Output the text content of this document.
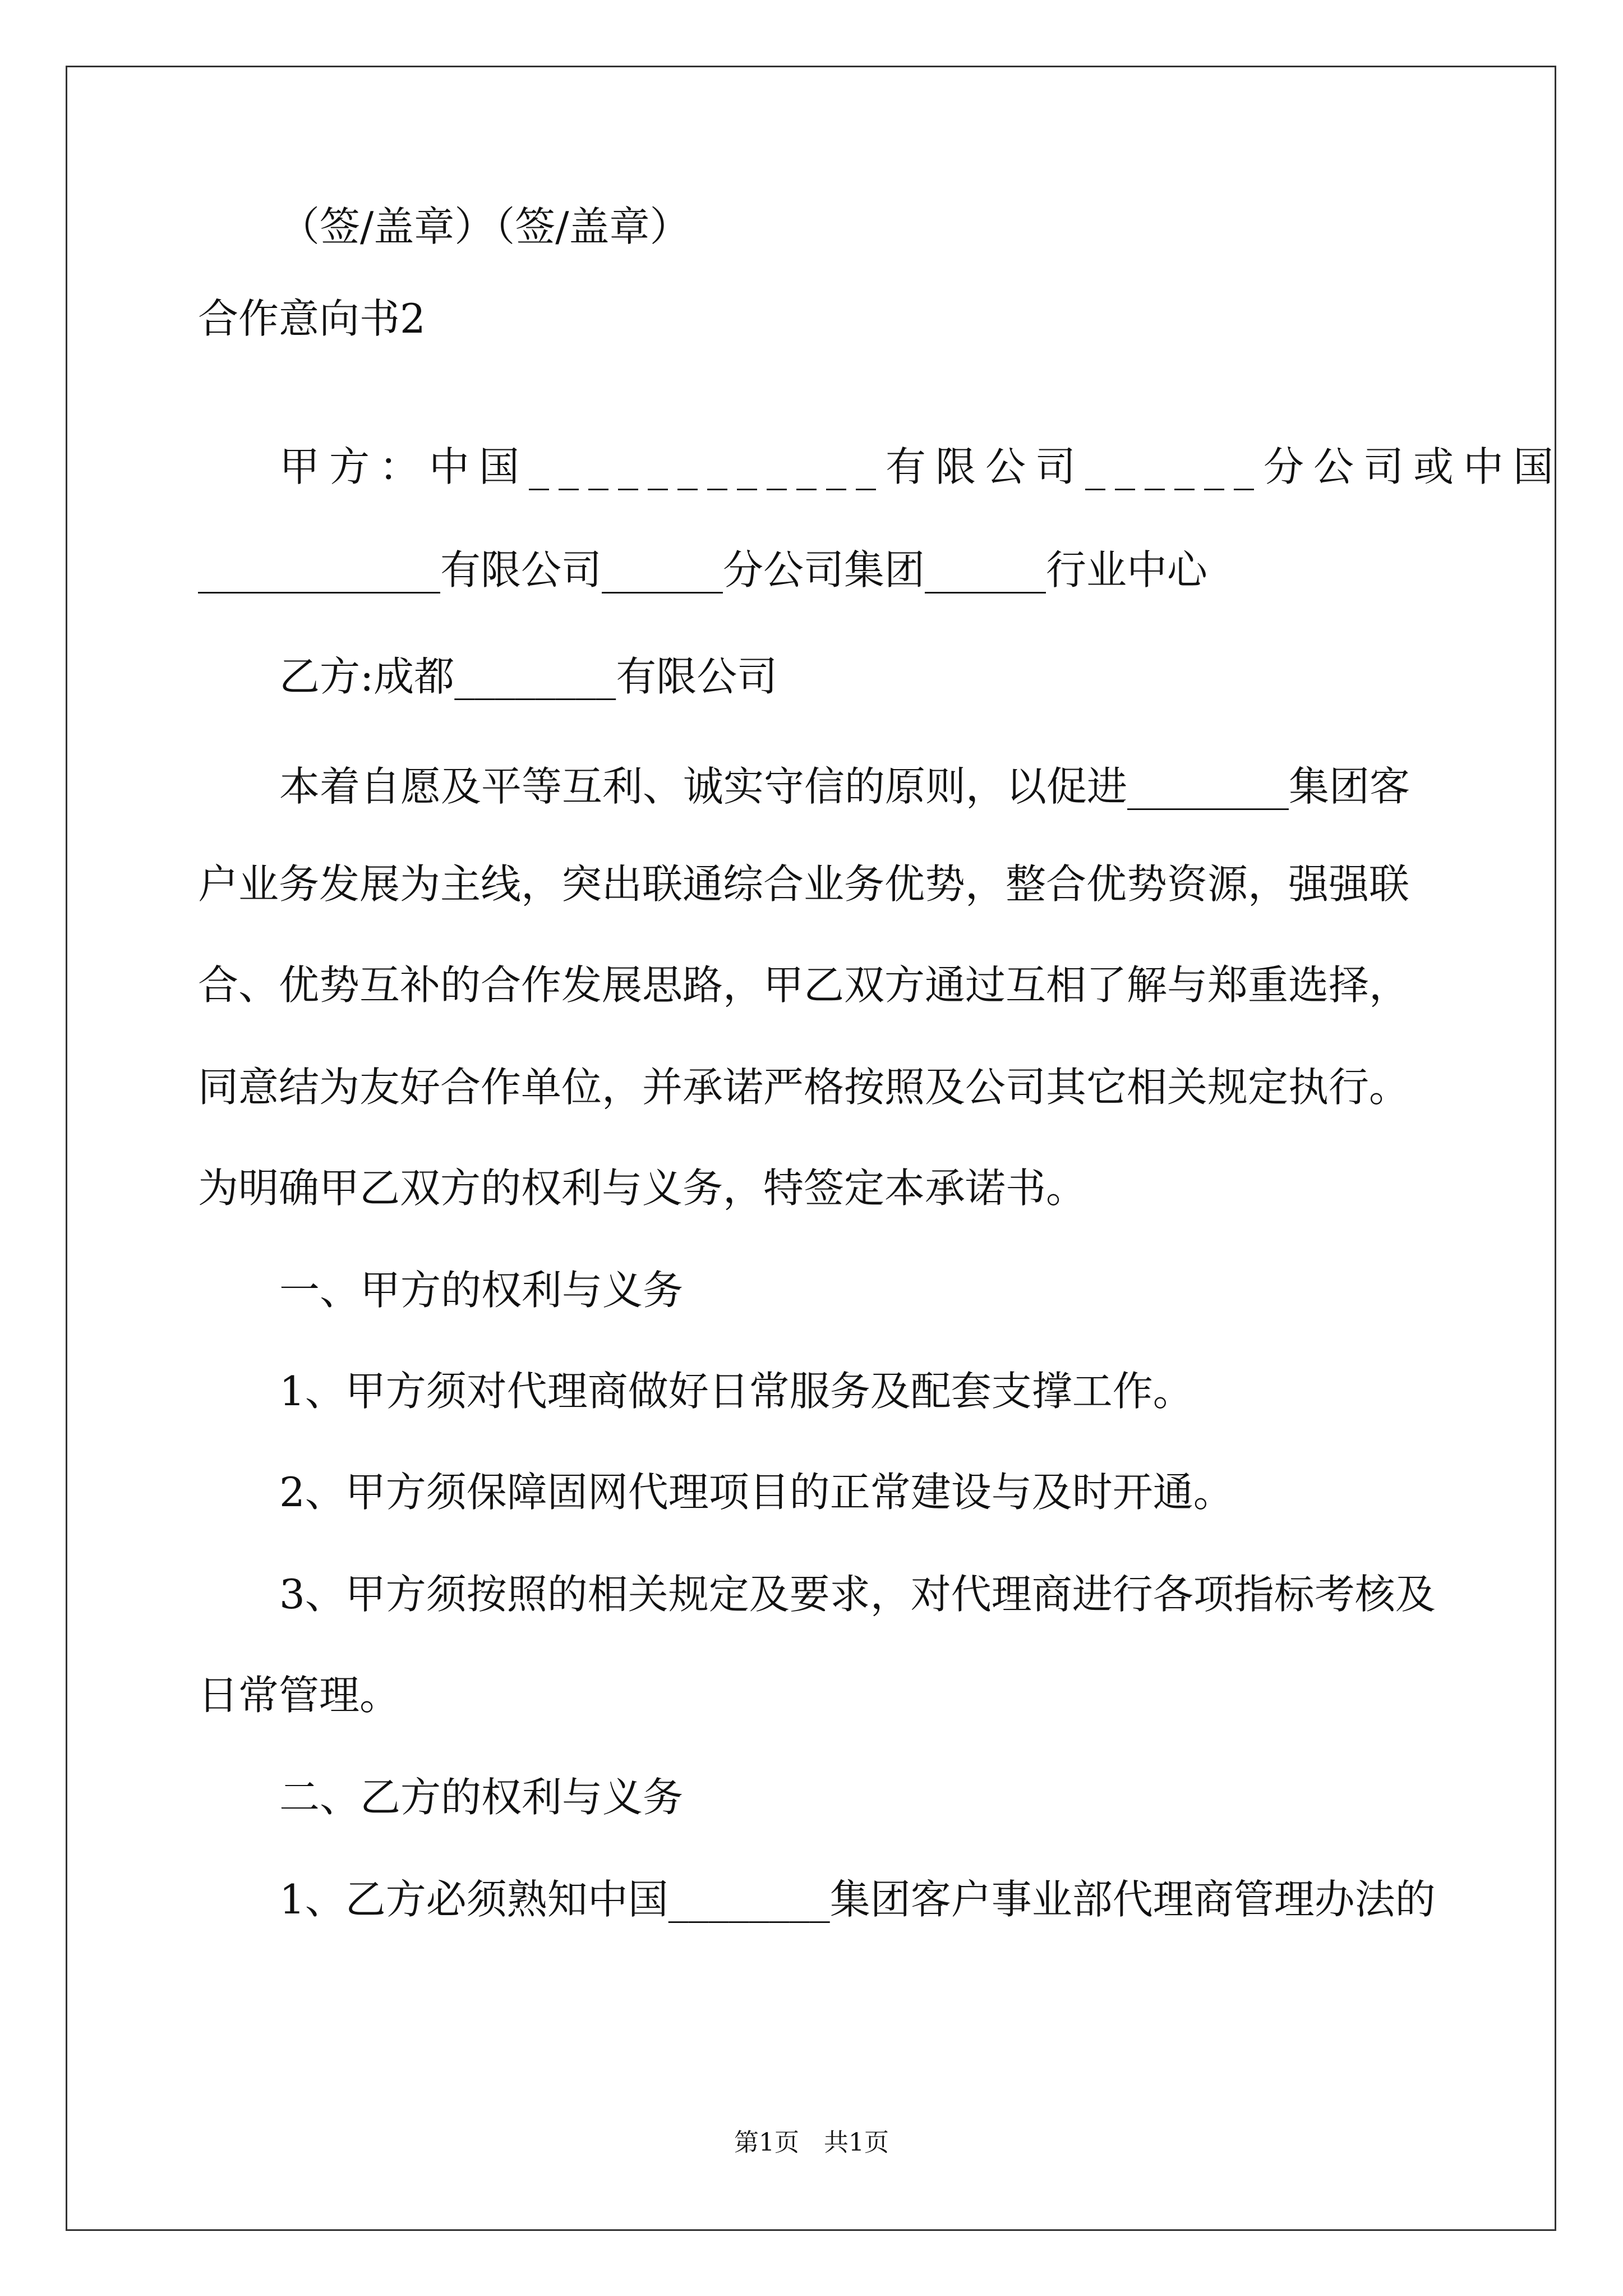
（签/盖章）（签/盖章）
合作意向书2
甲方：中国____________有限公司______分公司或中国
____________有限公司______分公司集团______行业中心
乙方:成都________有限公司
本着自愿及平等互利、诚实守信的原则，以促进________集团客
户业务发展为主线，突出联通综合业务优势，整合优势资源，强强联
合、优势互补的合作发展思路，甲乙双方通过互相了解与郑重选择，
同意结为友好合作单位，并承诺严格按照及公司其它相关规定执行。
为明确甲乙双方的权利与义务，特签定本承诺书。
一、甲方的权利与义务
1、甲方须对代理商做好日常服务及配套支撑工作。
2、甲方须保障固网代理项目的正常建设与及时开通。
3、甲方须按照的相关规定及要求，对代理商进行各项指标考核及
日常管理。
二、乙方的权利与义务
1、乙方必须熟知中国________集团客户事业部代理商管理办法的
第1页　共1页
